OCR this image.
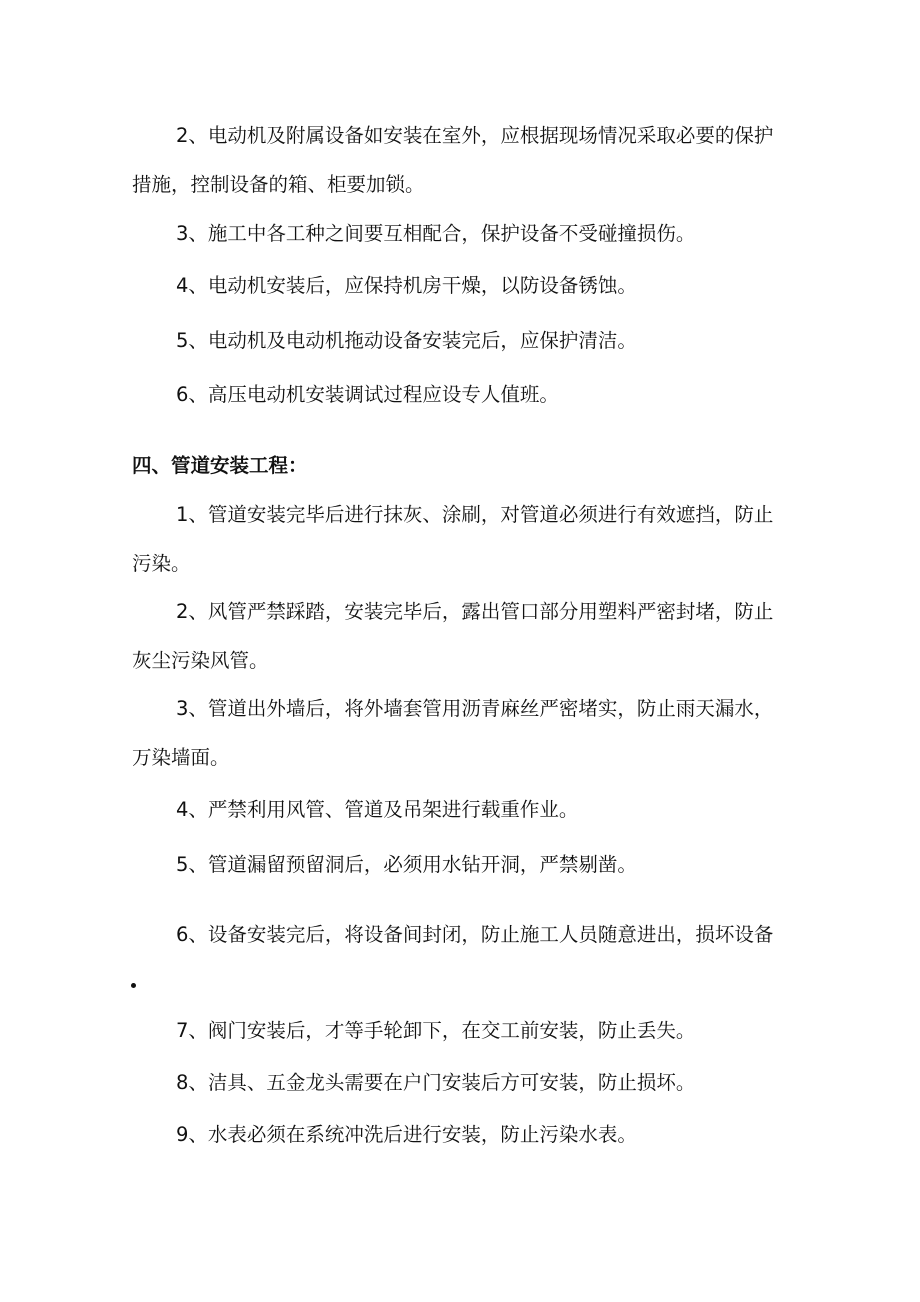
2、电动机及附属设备如安装在室外，应根据现场情况采取必要的保护
措施，控制设备的箱、柜要加锁。
3、施工中各工种之间要互相配合，保护设备不受碰撞损伤。
4、电动机安装后，应保持机房干燥，以防设备锈蚀。
5、电动机及电动机拖动设备安装完后，应保护清洁。
6、高压电动机安装调试过程应设专人值班。
四、管道安装工程：
1、管道安装完毕后进行抹灰、涂刷，对管道必须进行有效遮挡，防止
污染。
2、风管严禁踩踏，安装完毕后，露出管口部分用塑料严密封堵，防止
灰尘污染风管。
3、管道出外墙后，将外墙套管用沥青麻丝严密堵实，防止雨天漏水，
万染墙面。
4、严禁利用风管、管道及吊架进行载重作业。
5、管道漏留预留洞后，必须用水钻开洞，严禁剔凿。
6、设备安装完后，将设备间封闭，防止施工人员随意进出，损坏设备
7、阀门安装后，才等手轮卸下，在交工前安装，防止丢失。
8、洁具、五金龙头需要在户门安装后方可安装，防止损坏。
9、水表必须在系统冲洗后进行安装，防止污染水表。
